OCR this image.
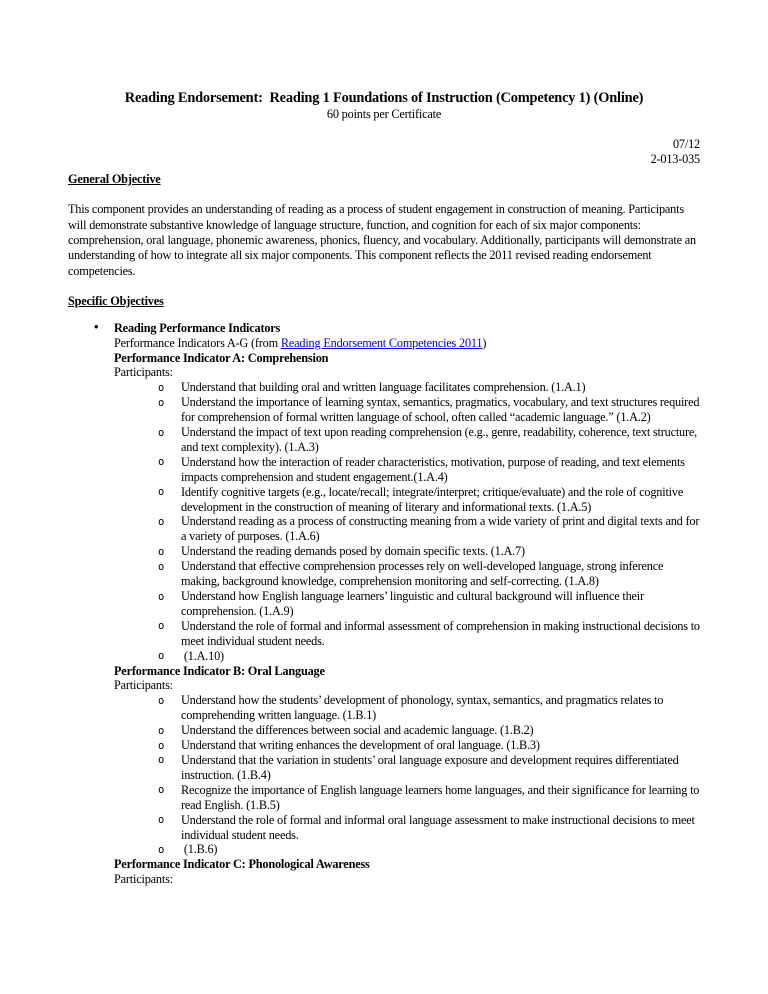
Reading Endorsement:  Reading 1 Foundations of Instruction (Competency 1) (Online)
60 points per Certificate
07/12
2-013-035
General Objective
This component provides an understanding of reading as a process of student engagement in construction of meaning. Participants will demonstrate substantive knowledge of language structure, function, and cognition for each of six major components: comprehension, oral language, phonemic awareness, phonics, fluency, and vocabulary. Additionally, participants will demonstrate an understanding of how to integrate all six major components. This component reflects the 2011 revised reading endorsement competencies.
Specific Objectives
• Reading Performance Indicators
Performance Indicators A-G (from Reading Endorsement Competencies 2011)
Performance Indicator A: Comprehension
Participants:
o Understand that building oral and written language facilitates comprehension. (1.A.1)
o Understand the importance of learning syntax, semantics, pragmatics, vocabulary, and text structures required for comprehension of formal written language of school, often called “academic language.” (1.A.2)
o Understand the impact of text upon reading comprehension (e.g., genre, readability, coherence, text structure, and text complexity). (1.A.3)
o Understand how the interaction of reader characteristics, motivation, purpose of reading, and text elements impacts comprehension and student engagement.(1.A.4)
o Identify cognitive targets (e.g., locate/recall; integrate/interpret; critique/evaluate) and the role of cognitive development in the construction of meaning of literary and informational texts. (1.A.5)
o Understand reading as a process of constructing meaning from a wide variety of print and digital texts and for a variety of purposes. (1.A.6)
o Understand the reading demands posed by domain specific texts. (1.A.7)
o Understand that effective comprehension processes rely on well-developed language, strong inference making, background knowledge, comprehension monitoring and self-correcting. (1.A.8)
o Understand how English language learners’ linguistic and cultural background will influence their comprehension. (1.A.9)
o Understand the role of formal and informal assessment of comprehension in making instructional decisions to meet individual student needs.
o  (1.A.10)
Performance Indicator B: Oral Language
Participants:
o Understand how the students’ development of phonology, syntax, semantics, and pragmatics relates to comprehending written language. (1.B.1)
o Understand the differences between social and academic language. (1.B.2)
o Understand that writing enhances the development of oral language. (1.B.3)
o Understand that the variation in students’ oral language exposure and development requires differentiated instruction. (1.B.4)
o Recognize the importance of English language learners home languages, and their significance for learning to read English. (1.B.5)
o Understand the role of formal and informal oral language assessment to make instructional decisions to meet individual student needs.
o  (1.B.6)
Performance Indicator C: Phonological Awareness
Participants:
